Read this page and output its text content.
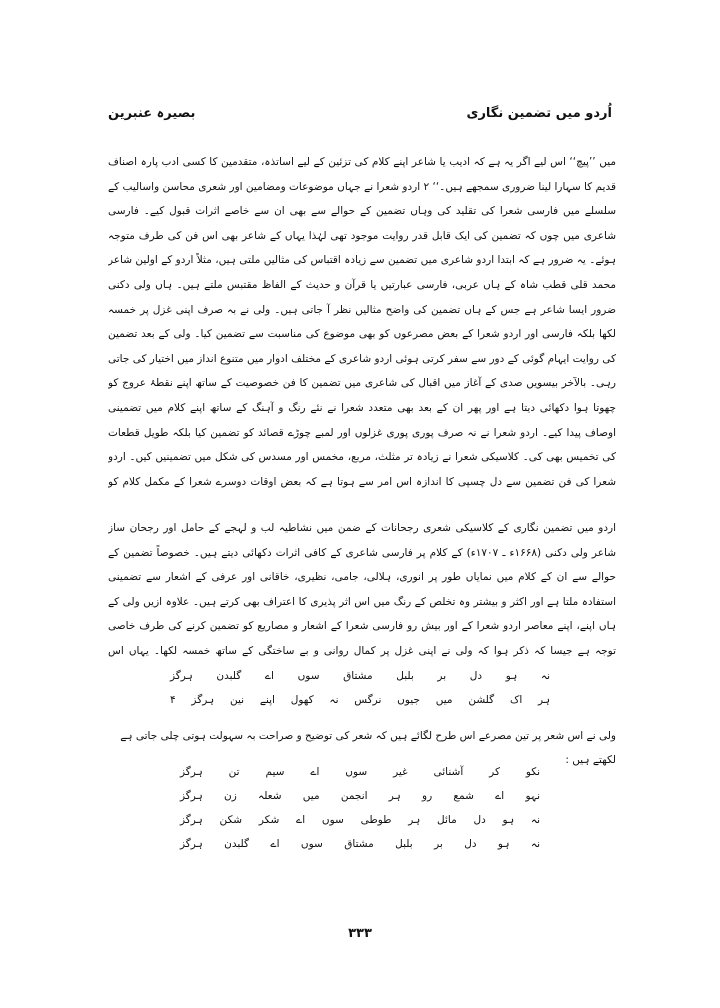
اُردو میں تضمین نگاری
بصیرہ عنبرین

میں ’’پیچ‘‘ اس لیے اگر یہ ہے کہ ادیب یا شاعر اپنے کلام کی تزئین کے لیے اساتذہ، متقدمین کا کسی ادب پارہ اصناف قدیم کا سہارا لینا ضروری سمجھے ہیں۔‘‘ ۲ اردو شعرا نے جہاں موضوعات ومضامین اور شعری محاسن واسالیب کے سلسلے میں فارسی شعرا کی تقلید کی وہاں تضمین کے حوالے سے بھی ان سے خاصے اثرات قبول کیے۔ فارسی شاعری میں چوں کہ تضمین کی ایک قابل قدر روایت موجود تھی لہٰذا یہاں کے شاعر بھی اس فن کی طرف متوجہ ہوئے۔ یہ ضرور ہے کہ ابتدا اردو شاعری میں تضمین سے زیادہ اقتباس کی مثالیں ملتی ہیں، مثلاً اردو کے اولین شاعر محمد قلی قطب شاہ کے ہاں عربی، فارسی عبارتیں یا قرآن و حدیث کے الفاظ مقتبس ملتے ہیں۔ ہاں ولی دکنی ضرور ایسا شاعر ہے جس کے ہاں تضمین کی واضح مثالیں نظر آ جاتی ہیں۔ ولی نے بہ صرف اپنی غزل پر خمسہ لکھا بلکہ فارسی اور اردو شعرا کے بعض مصرعوں کو بھی موضوع کی مناسبت سے تضمین کیا۔ ولی کے بعد تضمین کی روایت ایہام گوئی کے دور سے سفر کرتی ہوئی اردو شاعری کے مختلف ادوار میں متنوع انداز میں اختیار کی جاتی رہی۔ بالآخر بیسویں صدی کے آغاز میں اقبال کی شاعری میں تضمین کا فن خصوصیت کے ساتھ اپنے نقطۂ عروج کو چھوتا ہوا دکھائی دیتا ہے اور پھر ان کے بعد بھی متعدد شعرا نے نئے رنگ و آہنگ کے ساتھ اپنے کلام میں تضمینی اوصاف پیدا کیے۔ اردو شعرا نے نہ صرف پوری پوری غزلوں اور لمبے چوڑے قصائد کو تضمین کیا بلکہ طویل قطعات کی تخمیس بھی کی۔ کلاسیکی شعرا نے زیادہ تر مثلث، مربع، مخمس اور مسدس کی شکل میں تضمینیں کیں۔ اردو شعرا کی فن تضمین سے دل چسپی کا اندازہ اس امر سے ہوتا ہے کہ بعض اوقات دوسرے شعرا کے مکمل کلام کو

اردو میں تضمین نگاری کے کلاسیکی شعری رجحانات کے ضمن میں نشاطیہ لب و لہجے کے حامل اور رجحان ساز شاعر ولی دکنی (۱۶۶۸ء ـ ۱۷۰۷ء) کے کلام پر فارسی شاعری کے کافی اثرات دکھائی دیتے ہیں۔ خصوصاً تضمین کے حوالے سے ان کے کلام میں نمایاں طور پر انوری، ہلالی، جامی، نظیری، خاقانی اور عرفی کے اشعار سے تضمینی استفادہ ملتا ہے اور اکثر و بیشتر وہ تخلص کے رنگ میں اس اثر پذیری کا اعتراف بھی کرتے ہیں۔ علاوہ ازیں ولی کے ہاں اپنے، اپنے معاصر اردو شعرا کے اور بیش رو فارسی شعرا کے اشعار و مصاریع کو تضمین کرنے کی طرف خاصی توجہ ہے جیسا کہ ذکر ہوا کہ ولی نے اپنی غزل پر کمال روانی و بے ساختگی کے ساتھ خمسہ لکھا۔ یہاں اس

نہ ہو دل بر بلبل مشتاق سوں اے گلبدن ہرگز
ہر اک گلشن میں جیوں نرگس نہ کھول اپنے نین ہرگز ۴
ولی نے اس شعر پر تین مصرعے اس طرح لگائے ہیں کہ شعر کی توضیح و صراحت بہ سہولت ہوتی چلی جاتی ہے لکھتے ہیں :
نکو کر آشنائی غیر سوں اے سیم تن ہرگز
نہو اے شمع رو ہر انجمن میں شعلہ زن ہرگز
نہ ہو دل مائل ہر طوطی سوں اے شکر شکن ہرگز
نہ ہو دل بر بلبل مشتاق سوں اے گلبدن ہرگز
۳۳۳
